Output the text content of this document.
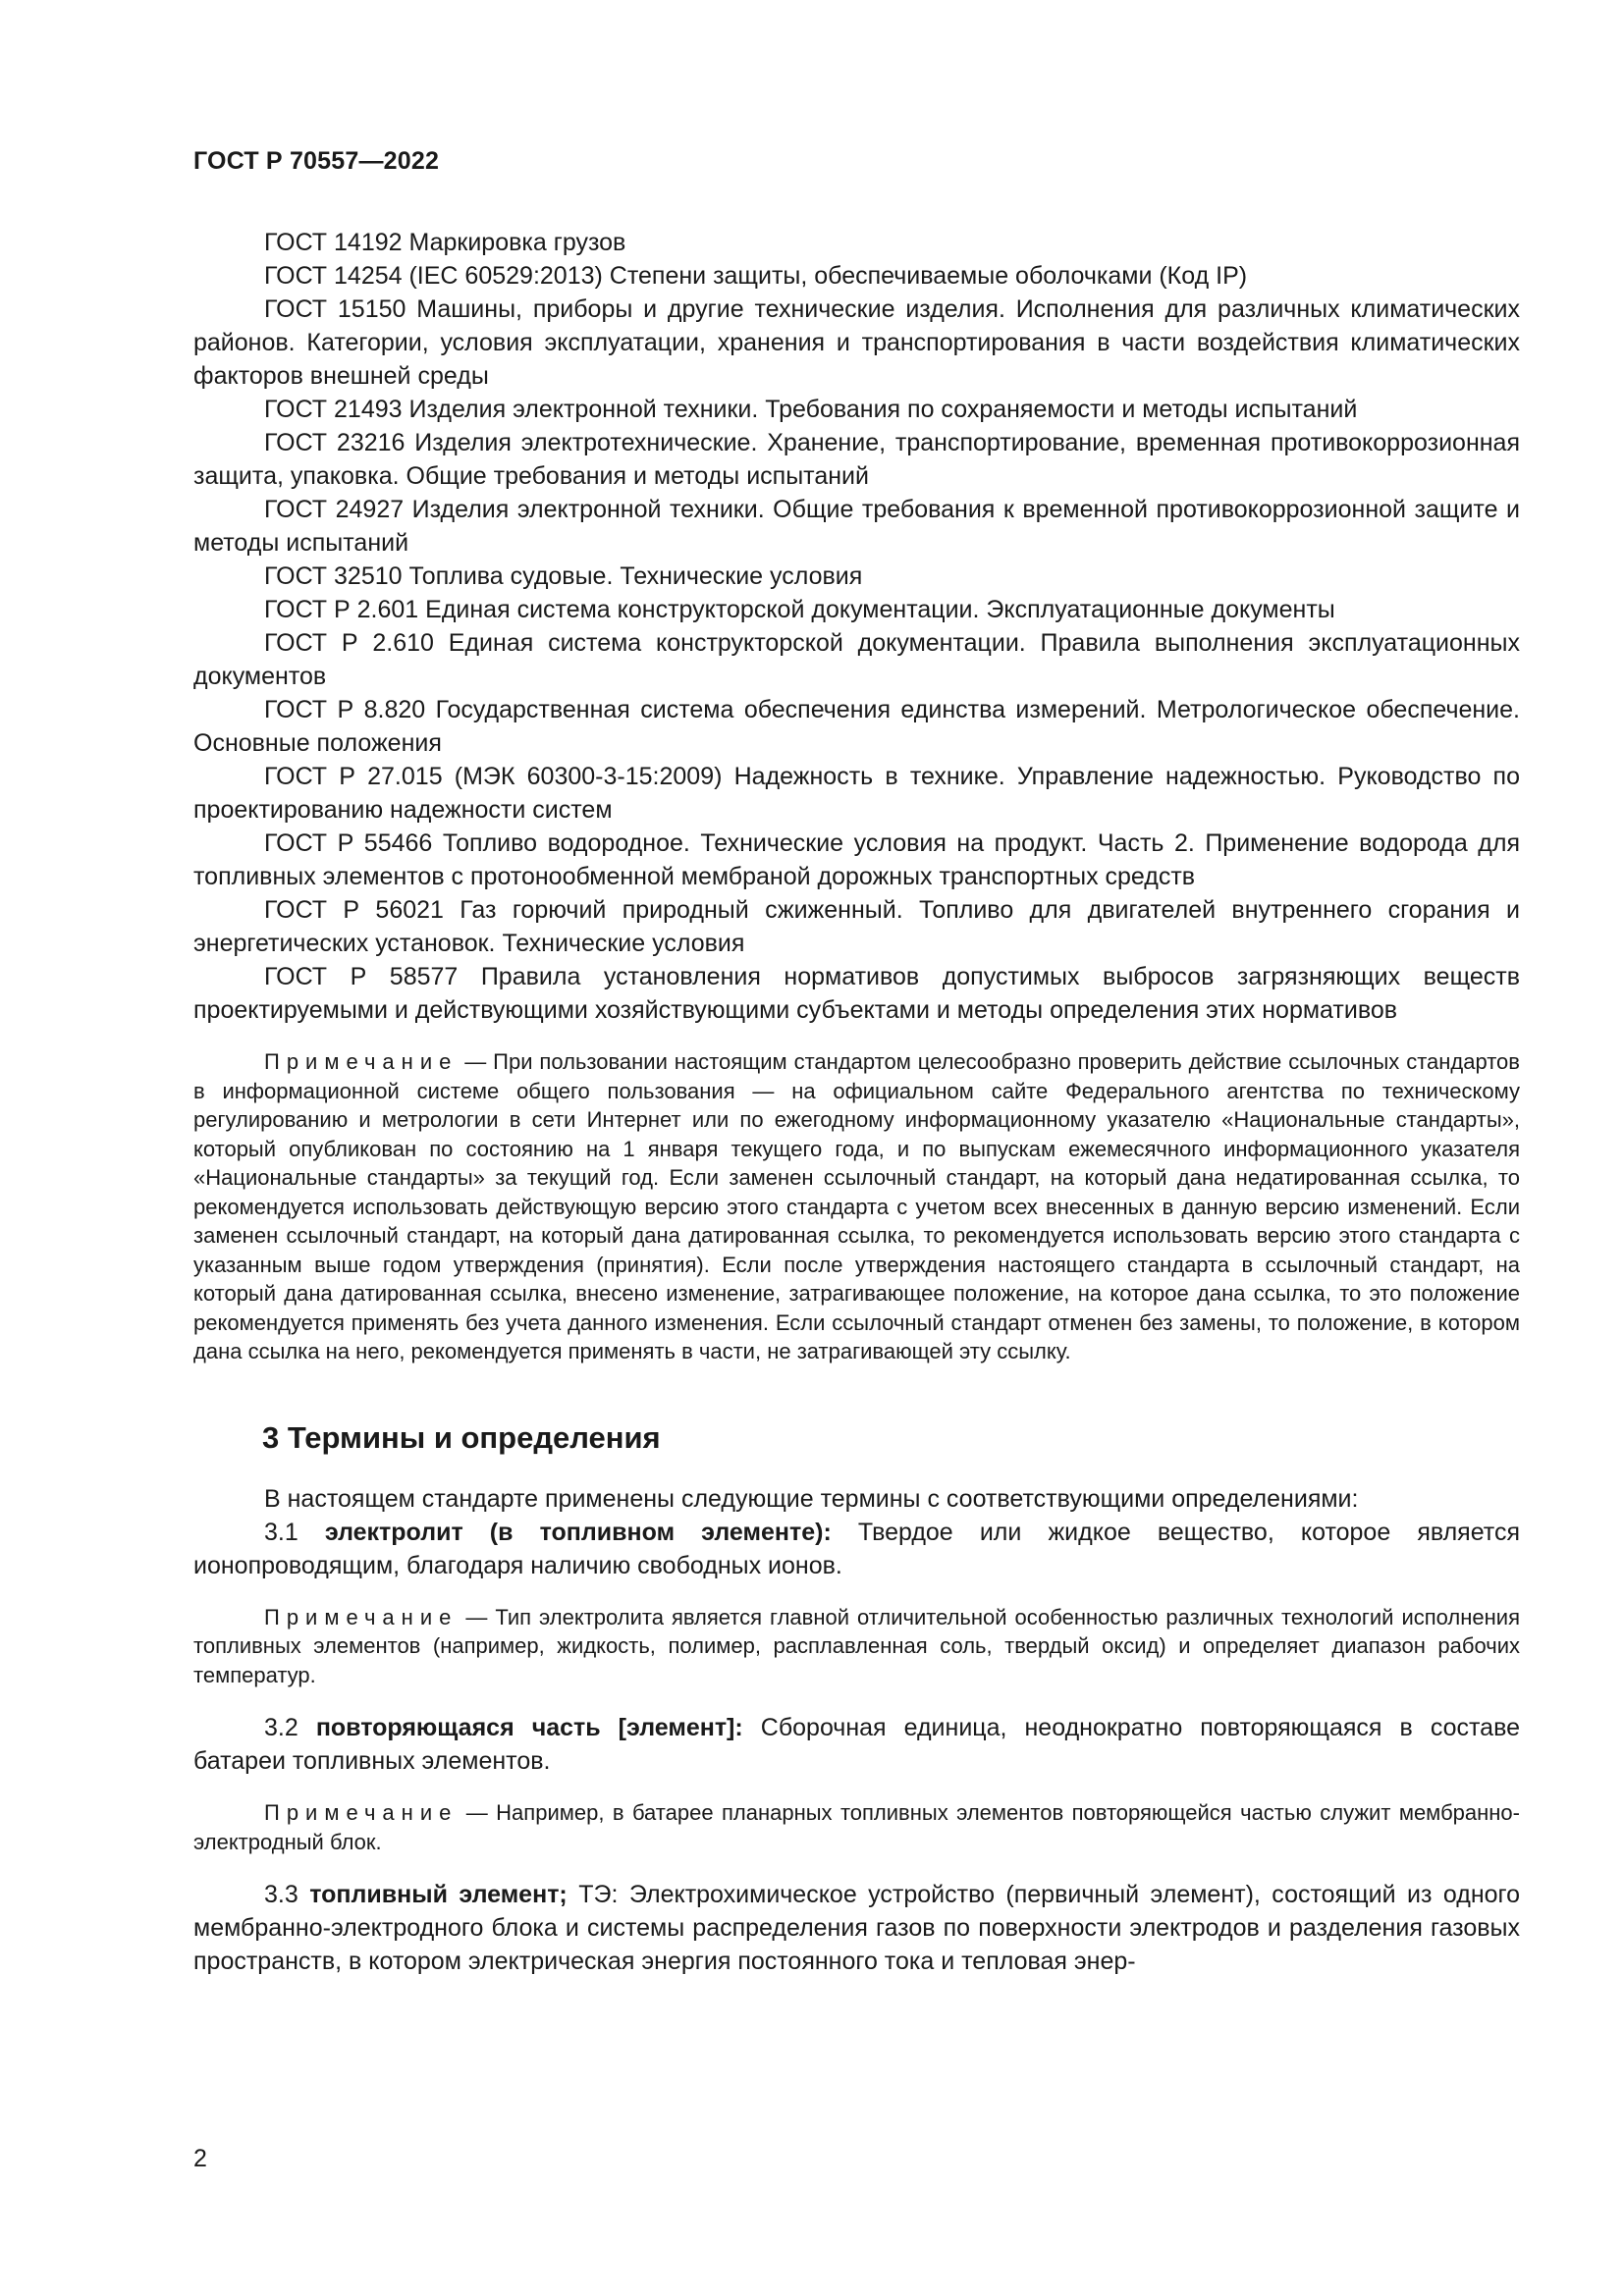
ГОСТ Р 70557—2022

ГОСТ 14192 Маркировка грузов

ГОСТ 14254 (IEC 60529:2013) Степени защиты, обеспечиваемые оболочками (Код IP)

ГОСТ 15150 Машины, приборы и другие технические изделия. Исполнения для различных климатических районов. Категории, условия эксплуатации, хранения и транспортирования в части воздействия климатических факторов внешней среды

ГОСТ 21493 Изделия электронной техники. Требования по сохраняемости и методы испытаний

ГОСТ 23216 Изделия электротехнические. Хранение, транспортирование, временная противокоррозионная защита, упаковка. Общие требования и методы испытаний

ГОСТ 24927 Изделия электронной техники. Общие требования к временной противокоррозионной защите и методы испытаний

ГОСТ 32510 Топлива судовые. Технические условия

ГОСТ Р 2.601 Единая система конструкторской документации. Эксплуатационные документы

ГОСТ Р 2.610 Единая система конструкторской документации. Правила выполнения эксплуатационных документов

ГОСТ Р 8.820 Государственная система обеспечения единства измерений. Метрологическое обеспечение. Основные положения

ГОСТ Р 27.015 (МЭК 60300-3-15:2009) Надежность в технике. Управление надежностью. Руководство по проектированию надежности систем

ГОСТ Р 55466 Топливо водородное. Технические условия на продукт. Часть 2. Применение водорода для топливных элементов с протонообменной мембраной дорожных транспортных средств

ГОСТ Р 56021 Газ горючий природный сжиженный. Топливо для двигателей внутреннего сгорания и энергетических установок. Технические условия

ГОСТ Р 58577 Правила установления нормативов допустимых выбросов загрязняющих веществ проектируемыми и действующими хозяйствующими субъектами и методы определения этих нормативов

Примечание — При пользовании настоящим стандартом целесообразно проверить действие ссылочных стандартов в информационной системе общего пользования — на официальном сайте Федерального агентства по техническому регулированию и метрологии в сети Интернет или по ежегодному информационному указателю «Национальные стандарты», который опубликован по состоянию на 1 января текущего года, и по выпускам ежемесячного информационного указателя «Национальные стандарты» за текущий год. Если заменен ссылочный стандарт, на который дана недатированная ссылка, то рекомендуется использовать действующую версию этого стандарта с учетом всех внесенных в данную версию изменений. Если заменен ссылочный стандарт, на который дана датированная ссылка, то рекомендуется использовать версию этого стандарта с указанным выше годом утверждения (принятия). Если после утверждения настоящего стандарта в ссылочный стандарт, на который дана датированная ссылка, внесено изменение, затрагивающее положение, на которое дана ссылка, то это положение рекомендуется применять без учета данного изменения. Если ссылочный стандарт отменен без замены, то положение, в котором дана ссылка на него, рекомендуется применять в части, не затрагивающей эту ссылку.

3 Термины и определения

В настоящем стандарте применены следующие термины с соответствующими определениями:

3.1 электролит (в топливном элементе): Твердое или жидкое вещество, которое является ионопроводящим, благодаря наличию свободных ионов.

Примечание — Тип электролита является главной отличительной особенностью различных технологий исполнения топливных элементов (например, жидкость, полимер, расплавленная соль, твердый оксид) и определяет диапазон рабочих температур.

3.2 повторяющаяся часть [элемент]: Сборочная единица, неоднократно повторяющаяся в составе батареи топливных элементов.

Примечание — Например, в батарее планарных топливных элементов повторяющейся частью служит мембранно-электродный блок.

3.3 топливный элемент; ТЭ: Электрохимическое устройство (первичный элемент), состоящий из одного мембранно-электродного блока и системы распределения газов по поверхности электродов и разделения газовых пространств, в котором электрическая энергия постоянного тока и тепловая энер-

2
